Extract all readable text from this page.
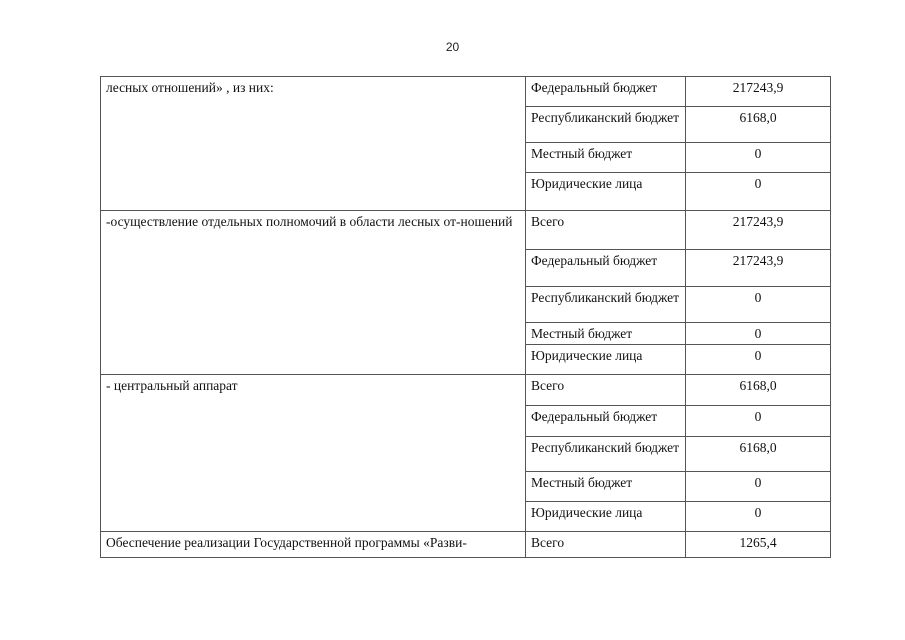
20
лесных отношений» , из них:	Федеральный бюджет	217243,9
	Республиканский бюджет	6168,0
	Местный бюджет	0
	Юридические лица	0
-осуществление отдельных полномочий в области лесных от-ношений	Всего	217243,9
	Федеральный бюджет	217243,9
	Республиканский бюджет	0
	Местный бюджет	0
	Юридические лица	0
- центральный аппарат	Всего	6168,0
	Федеральный бюджет	0
	Республиканский бюджет	6168,0
	Местный бюджет	0
	Юридические лица	0
Обеспечение реализации Государственной программы «Разви-	Всего	1265,4
